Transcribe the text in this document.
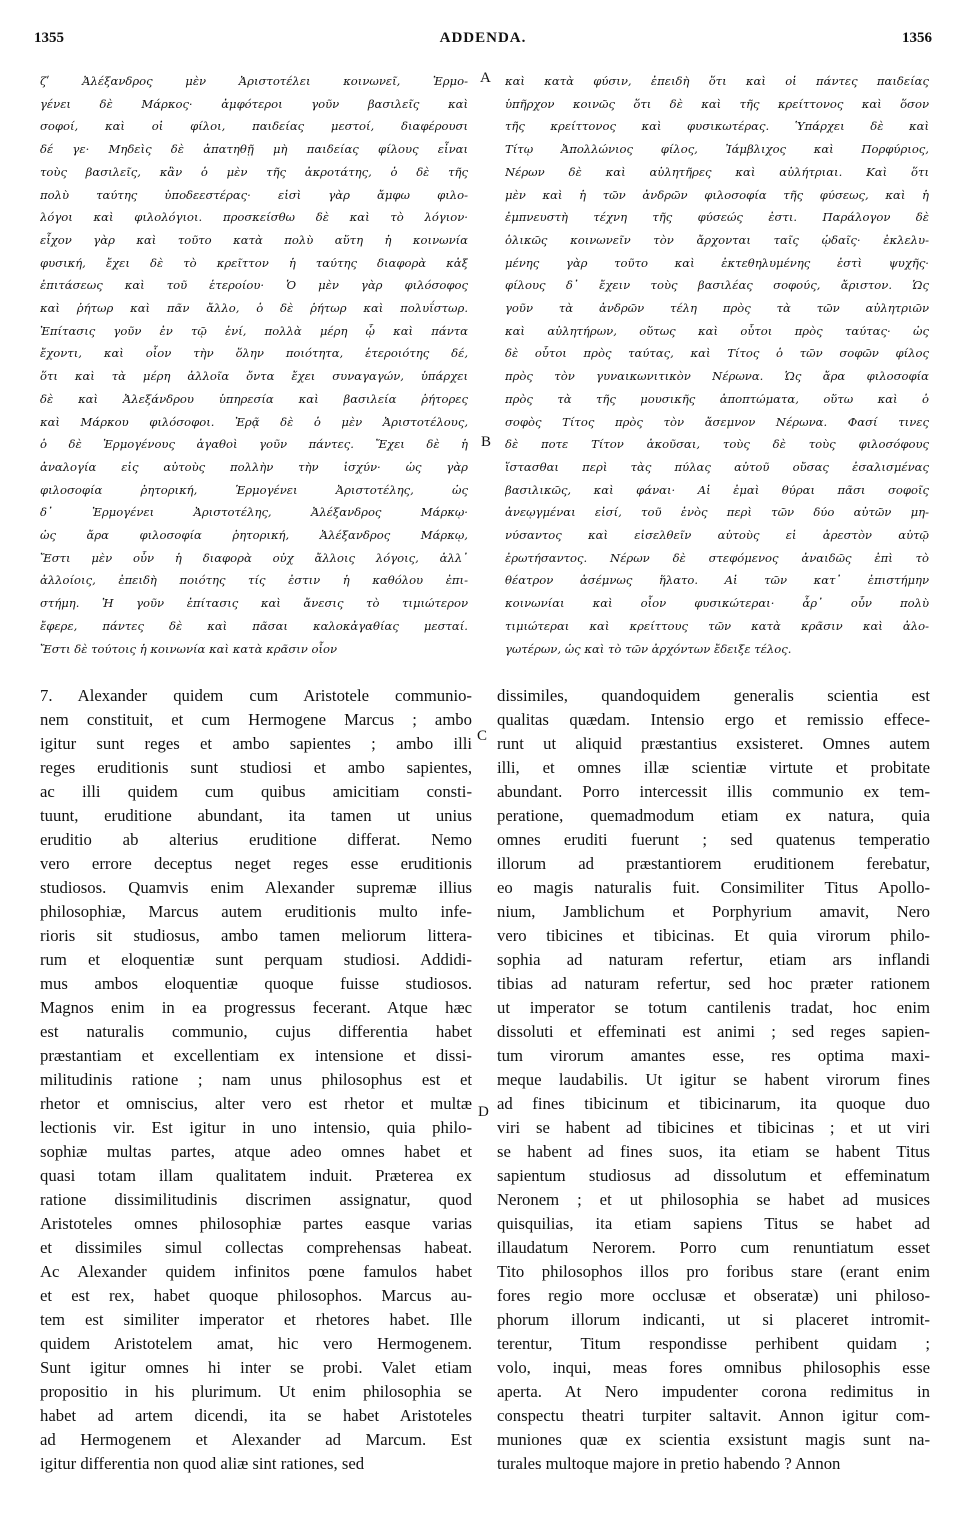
1355	ADDENDA.	1356
ζʹ Ἀλέξανδρος μὲν Ἀριστοτέλει κοινωνεῖ, Ἑρμο-
γένει δὲ Μάρκος· ἀμφότεροι γοῦν βασιλεῖς καὶ
σοφοί, καὶ οἱ φίλοι, παιδείας μεστοί, διαφέρουσι
δέ γε· Μηδεὶς δὲ ἀπατηθῇ μὴ παιδείας φίλους εἶναι
τοὺς βασιλεῖς, κἂν ὁ μὲν τῆς ἀκροτάτης, ὁ δὲ τῆς
πολὺ ταύτης ὑποδεεστέρας· εἰσὶ γὰρ ἄμφω φιλο-
λόγοι καὶ φιλολόγιοι. προσκείσθω δὲ καὶ τὸ λόγιον·
εἶχον γὰρ καὶ τοῦτο κατὰ πολὺ αὕτη ἡ κοινωνία
φυσική, ἔχει δὲ τὸ κρεῖττον ἡ ταύτης διαφορὰ κἀξ
ἐπιτάσεως καὶ τοῦ ἑτεροίου· Ὁ μὲν γὰρ φιλόσοφος
καὶ ῥήτωρ καὶ πᾶν ἄλλο, ὁ δὲ ῥήτωρ καὶ πολυΐστωρ.
Ἐπίτασις γοῦν ἐν τῷ ἑνί, πολλὰ μέρη ᾧ καὶ πάντα
ἔχοντι, καὶ οἷον τὴν ὅλην ποιότητα, ἑτεροιότης δέ,
ὅτι καὶ τὰ μέρη ἀλλοῖα ὄντα ἔχει συναγαγών, ὑπάρχει
δὲ καὶ Ἀλεξάνδρου ὑπηρεσία καὶ βασιλεία ῥήτορες
καὶ Μάρκου φιλόσοφοι. Ἐρᾷ δὲ ὁ μὲν Ἀριστοτέλους,
ὁ δὲ Ἑρμογένους ἀγαθοὶ γοῦν πάντες. Ἔχει δὲ ἡ
ἀναλογία εἰς αὐτοὺς πολλὴν τὴν ἰσχύν· ὡς γὰρ
φιλοσοφία ῥητορική, Ἑρμογένει Ἀριστοτέλης, ὡς
δ᾽ Ἑρμογένει Ἀριστοτέλης, Ἀλέξανδρος Μάρκῳ·
ὡς ἄρα φιλοσοφία ῥητορική, Ἀλέξανδρος Μάρκῳ,
Ἔστι μὲν οὖν ἡ διαφορὰ οὐχ ἄλλοις λόγοις, ἀλλ᾽
ἀλλοίοις, ἐπειδὴ ποιότης τίς ἐστιν ἡ καθόλου ἐπι-
στήμη. Ἡ γοῦν ἐπίτασις καὶ ἄνεσις τὸ τιμιώτερον
ἔφερε, πάντες δὲ καὶ πᾶσαι καλοκἀγαθίας μεσταί.
Ἔστι δὲ τούτοις ἡ κοινωνία καὶ κατὰ κρᾶσιν οἷον
καὶ κατὰ φύσιν, ἐπειδὴ ὅτι καὶ οἱ πάντες παιδείας
ὑπῆρχον κοινῶς ὅτι δὲ καὶ τῆς κρείττονος καὶ ὅσον
τῆς κρείττονος καὶ φυσικωτέρας. Ὑπάρχει δὲ καὶ
Τίτῳ Ἀπολλώνιος φίλος, Ἰάμβλιχος καὶ Πορφύριος,
Νέρων δὲ καὶ αὐλητῆρες καὶ αὐλήτριαι. Καὶ ὅτι
μὲν καὶ ἡ τῶν ἀνδρῶν φιλοσοφία τῆς φύσεως, καὶ ἡ
ἐμπνευστὴ τέχνη τῆς φύσεώς ἐστι. Παράλογον δὲ
ὁλικῶς κοινωνεῖν τὸν ἄρχονται ταῖς ᾠδαῖς· ἐκλελυ-
μένης γὰρ τοῦτο καὶ ἐκτεθηλυμένης ἐστὶ ψυχῆς·
φίλους δ᾽ ἔχειν τοὺς βασιλέας σοφούς, ἄριστον. Ὡς
γοῦν τὰ ἀνδρῶν τέλη πρὸς τὰ τῶν αὐλητριῶν
καὶ αὐλητήρων, οὕτως καὶ οὗτοι πρὸς ταύτας· ὡς
δὲ οὗτοι πρὸς ταύτας, καὶ Τίτος ὁ τῶν σοφῶν φίλος
πρὸς τὸν γυναικωνιτικὸν Νέρωνα. Ὡς ἄρα φιλοσοφία
πρὸς τὰ τῆς μουσικῆς ἀποπτώματα, οὕτω καὶ ὁ
σοφὸς Τίτος πρὸς τὸν ἄσεμνον Νέρωνα. Φασί τινες
δὲ ποτε Τίτον ἀκοῦσαι, τοὺς δὲ τοὺς φιλοσόφους
ἵστασθαι περὶ τὰς πύλας αὐτοῦ οὔσας ἐσαλισμένας
βασιλικῶς, καὶ φάναι· Αἱ ἐμαὶ θύραι πᾶσι σοφοῖς
ἀνεῳγμέναι εἰσί, τοῦ ἑνὸς περὶ τῶν δύο αὐτῶν μη-
νύσαντος καὶ εἰσελθεῖν αὐτοὺς εἰ ἀρεστὸν αὐτῷ
ἐρωτήσαντος. Νέρων δὲ στεφόμενος ἀναιδῶς ἐπὶ τὸ
θέατρον ἀσέμνως ἥλατο. Αἱ τῶν κατ᾽ ἐπιστήμην
κοινωνίαι καὶ οἷον φυσικώτεραι· ἆρ᾽ οὖν πολὺ
τιμιώτεραι καὶ κρείττους τῶν κατὰ κρᾶσιν καὶ ἀλο-
γωτέρων, ὡς καὶ τὸ τῶν ἀρχόντων ἔδειξε τέλος.
7. Alexander quidem cum Aristotele communio-
nem constituit, et cum Hermogene Marcus ; ambo
igitur sunt reges et ambo sapientes ; ambo illi
reges eruditionis sunt studiosi et ambo sapientes,
ac illi quidem cum quibus amicitiam consti-
tuunt, eruditione abundant, ita tamen ut unius
eruditio ab alterius eruditione differat. Nemo
vero errore deceptus neget reges esse eruditionis
studiosos. Quamvis enim Alexander supremæ illius
philosophiæ, Marcus autem eruditionis multo infe-
rioris sit studiosus, ambo tamen meliorum littera-
rum et eloquentiæ sunt perquam studiosi. Addidi-
mus ambos eloquentiæ quoque fuisse studiosos.
Magnos enim in ea progressus fecerant. Atque hæc
est naturalis communio, cujus differentia habet
præstantiam et excellentiam ex intensione et dissi-
militudinis ratione ; nam unus philosophus est et
rhetor et omniscius, alter vero est rhetor et multæ
lectionis vir. Est igitur in uno intensio, quia philo-
sophiæ multas partes, atque adeo omnes habet et
quasi totam illam qualitatem induit. Præterea ex
ratione dissimilitudinis discrimen assignatur, quod
Aristoteles omnes philosophiæ partes easque varias
et dissimiles simul collectas comprehensas habeat.
Ac Alexander quidem infinitos pœne famulos habet
et est rex, habet quoque philosophos. Marcus au-
tem est similiter imperator et rhetores habet. Ille
quidem Aristotelem amat, hic vero Hermogenem.
Sunt igitur omnes hi inter se probi. Valet etiam
propositio in his plurimum. Ut enim philosophia se
habet ad artem dicendi, ita se habet Aristoteles
ad Hermogenem et Alexander ad Marcum. Est
igitur differentia non quod aliæ sint rationes, sed
dissimiles, quandoquidem generalis scientia est
qualitas quædam. Intensio ergo et remissio effece-
runt ut aliquid præstantius exsisteret. Omnes autem
illi, et omnes illæ scientiæ virtute et probitate
abundant. Porro intercessit illis communio ex tem-
peratione, quemadmodum etiam ex natura, quia
omnes eruditi fuerunt ; sed quatenus temperatio
illorum ad præstantiorem eruditionem ferebatur,
eo magis naturalis fuit. Consimiliter Titus Apollo-
nium, Jamblichum et Porphyrium amavit, Nero
vero tibicines et tibicinas. Et quia virorum philo-
sophia ad naturam refertur, etiam ars inflandi
tibias ad naturam refertur, sed hoc præter rationem
ut imperator se totum cantilenis tradat, hoc enim
dissoluti et effeminati est animi ; sed reges sapien-
tum virorum amantes esse, res optima maxi-
meque laudabilis. Ut igitur se habent virorum fines
ad fines tibicinum et tibicinarum, ita quoque duo
viri se habent ad tibicines et tibicinas ; et ut viri
se habent ad fines suos, ita etiam se habent Titus
sapientum studiosus ad dissolutum et effeminatum
Neronem ; et ut philosophia se habet ad musices
quisquilias, ita etiam sapiens Titus se habet ad
illaudatum Nerorem. Porro cum renuntiatum esset
Tito philosophos illos pro foribus stare (erant enim
fores regio more occlusæ et obseratæ) uni philoso-
phorum illorum indicanti, ut si placeret intromit-
terentur, Titum respondisse perhibent quidam ;
volo, inqui, meas fores omnibus philosophis esse
aperta. At Nero impudenter corona redimitus in
conspectu theatri turpiter saltavit. Annon igitur com-
muniones quæ ex scientia exsistunt magis sunt na-
turales multoque majore in pretio habendo ? Annon
A
B
C
D
